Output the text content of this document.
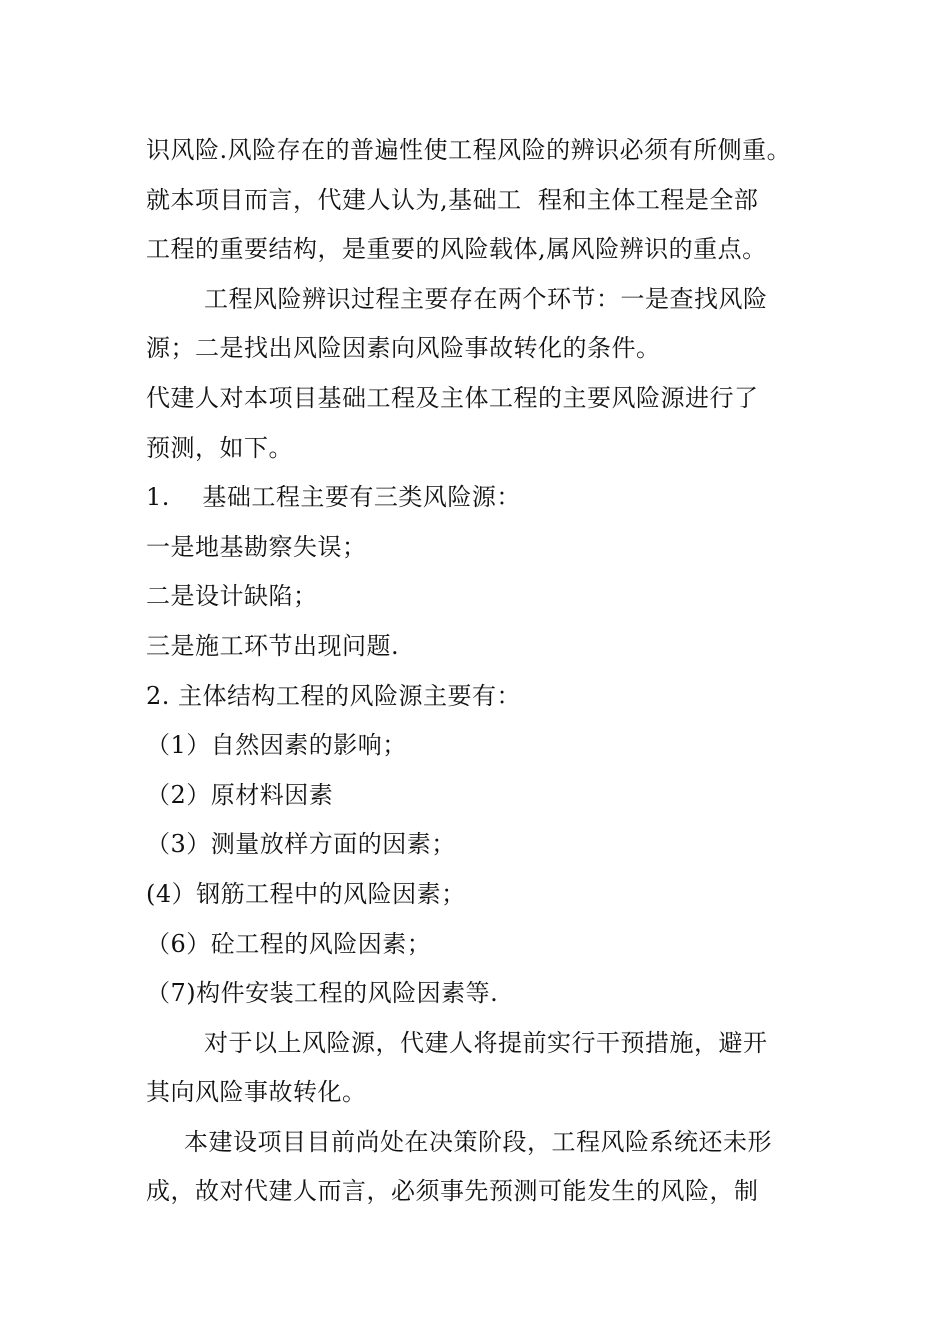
识风险.风险存在的普遍性使工程风险的辨识必须有所侧重。

就本项目而言，代建人认为,基础工  程和主体工程是全部

工程的重要结构，是重要的风险载体,属风险辨识的重点。

工程风险辨识过程主要存在两个环节：一是查找风险

源；二是找出风险因素向风险事故转化的条件。

代建人对本项目基础工程及主体工程的主要风险源进行了

预测，如下。

1.    基础工程主要有三类风险源：

一是地基勘察失误；

二是设计缺陷；

三是施工环节出现问题.

2. 主体结构工程的风险源主要有：

（1）自然因素的影响；

（2）原材料因素

（3）测量放样方面的因素；

(4）钢筋工程中的风险因素；

（6）砼工程的风险因素；

（7)构件安装工程的风险因素等.

对于以上风险源，代建人将提前实行干预措施，避开

其向风险事故转化。

本建设项目目前尚处在决策阶段，工程风险系统还未形

成，故对代建人而言，必须事先预测可能发生的风险，制
